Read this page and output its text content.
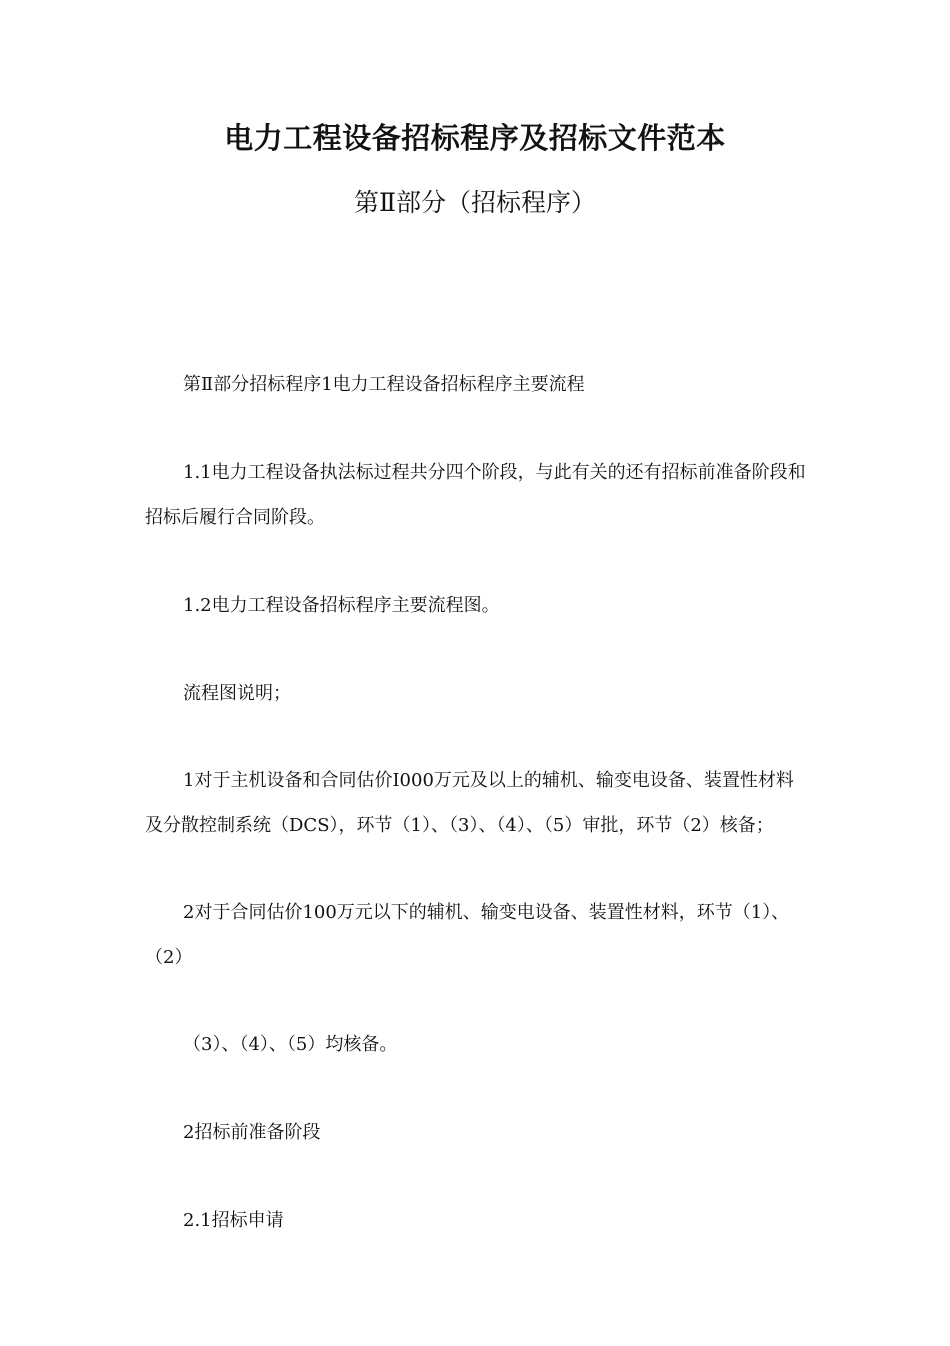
电力工程设备招标程序及招标文件范本
第Ⅱ部分（招标程序）

第Ⅱ部分招标程序1电力工程设备招标程序主要流程

1.1电力工程设备执法标过程共分四个阶段，与此有关的还有招标前准备阶段和招标后履行合同阶段。

1.2电力工程设备招标程序主要流程图。

流程图说明；

1对于主机设备和合同估价I000万元及以上的辅机、输变电设备、装置性材料及分散控制系统（DCS），环节（1）、（3）、（4）、（5）审批，环节（2）核备；

2对于合同估价100万元以下的辅机、输变电设备、装置性材料，环节（1）、（2）

（3）、（4）、（5）均核备。

2招标前准备阶段

2.1招标申请
